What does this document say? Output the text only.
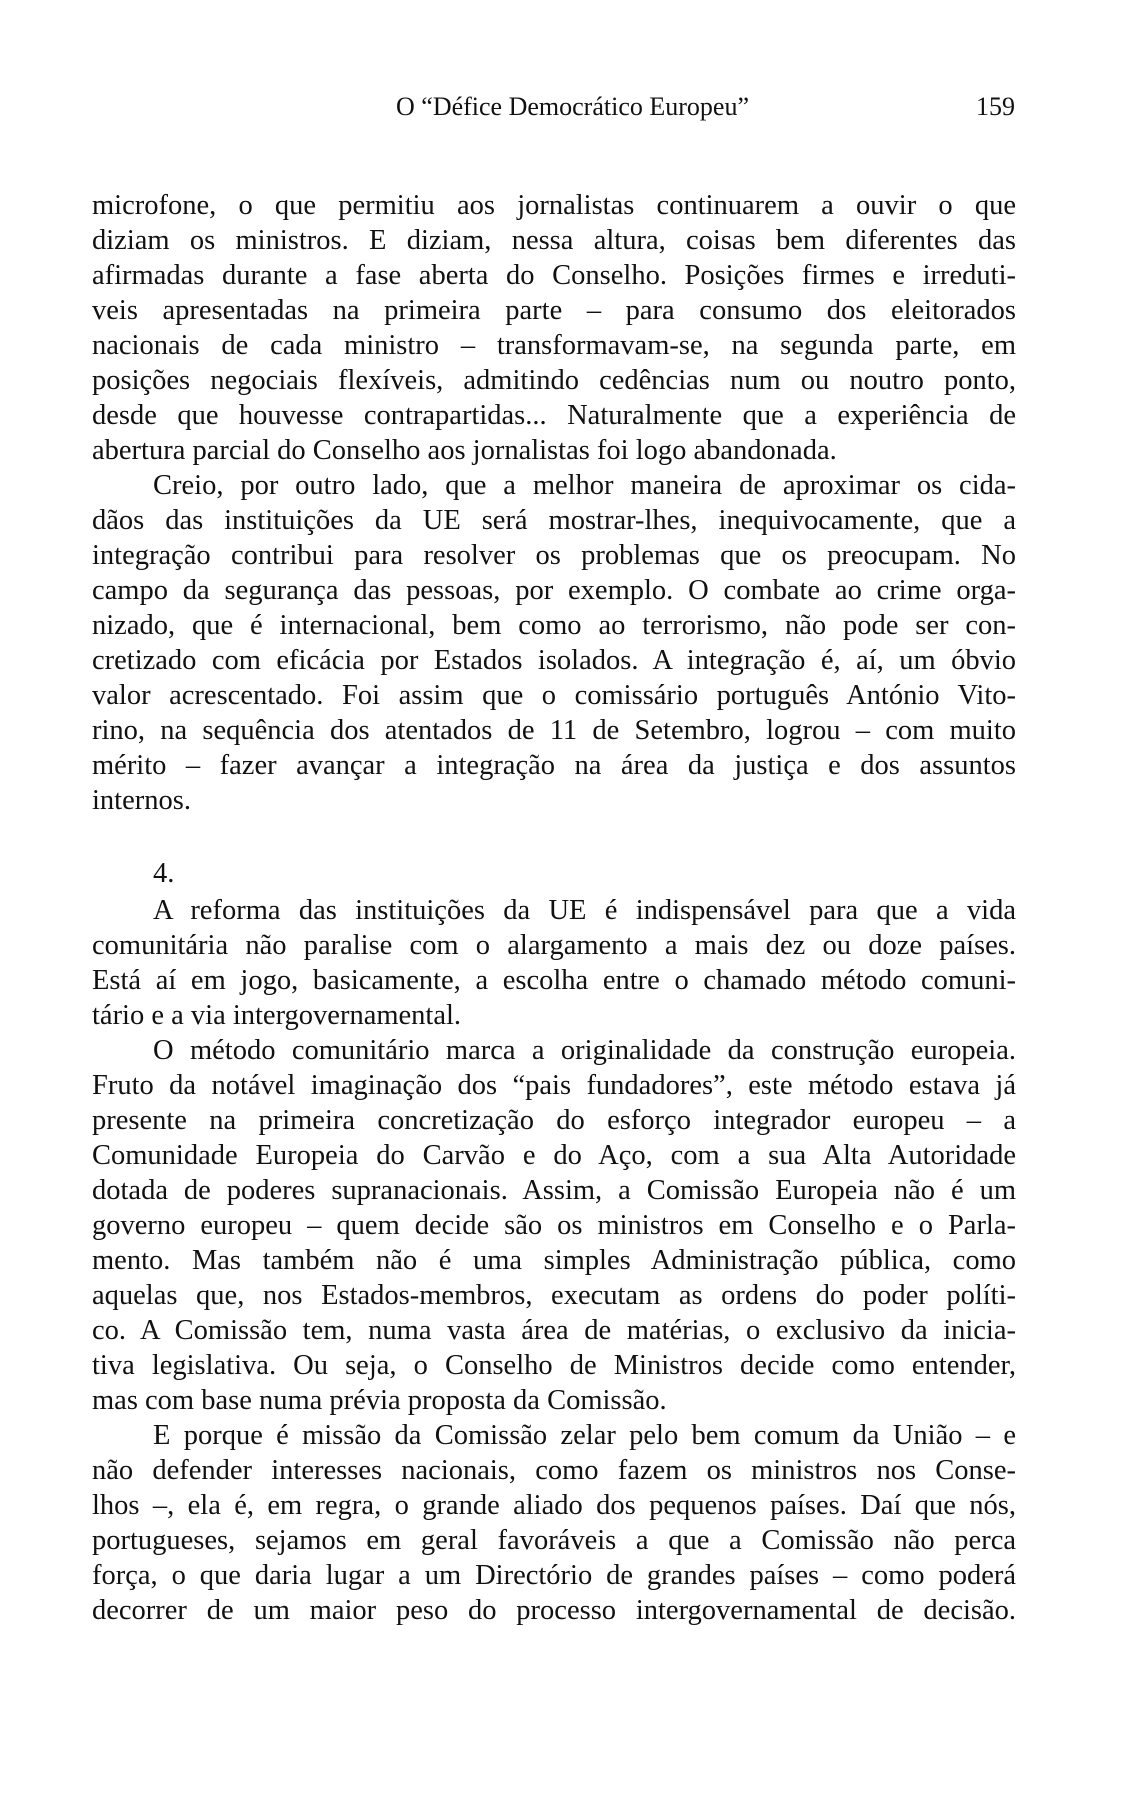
O “Défice Democrático Europeu”	159
microfone, o que permitiu aos jornalistas continuarem a ouvir o que
diziam os ministros. E diziam, nessa altura, coisas bem diferentes das
afirmadas durante a fase aberta do Conselho. Posições firmes e irreduti-
veis apresentadas na primeira parte – para consumo dos eleitorados
nacionais de cada ministro – transformavam-se, na segunda parte, em
posições negociais flexíveis, admitindo cedências num ou noutro ponto,
desde que houvesse contrapartidas... Naturalmente que a experiência de
abertura parcial do Conselho aos jornalistas foi logo abandonada.
Creio, por outro lado, que a melhor maneira de aproximar os cida-
dãos das instituições da UE será mostrar-lhes, inequivocamente, que a
integração contribui para resolver os problemas que os preocupam. No
campo da segurança das pessoas, por exemplo. O combate ao crime orga-
nizado, que é internacional, bem como ao terrorismo, não pode ser con-
cretizado com eficácia por Estados isolados. A integração é, aí, um óbvio
valor acrescentado. Foi assim que o comissário português António Vito-
rino, na sequência dos atentados de 11 de Setembro, logrou – com muito
mérito – fazer avançar a integração na área da justiça e dos assuntos
internos.
4.
A reforma das instituições da UE é indispensável para que a vida
comunitária não paralise com o alargamento a mais dez ou doze países.
Está aí em jogo, basicamente, a escolha entre o chamado método comuni-
tário e a via intergovernamental.
O método comunitário marca a originalidade da construção europeia.
Fruto da notável imaginação dos “pais fundadores”, este método estava já
presente na primeira concretização do esforço integrador europeu – a
Comunidade Europeia do Carvão e do Aço, com a sua Alta Autoridade
dotada de poderes supranacionais. Assim, a Comissão Europeia não é um
governo europeu – quem decide são os ministros em Conselho e o Parla-
mento. Mas também não é uma simples Administração pública, como
aquelas que, nos Estados-membros, executam as ordens do poder políti-
co. A Comissão tem, numa vasta área de matérias, o exclusivo da inicia-
tiva legislativa. Ou seja, o Conselho de Ministros decide como entender,
mas com base numa prévia proposta da Comissão.
E porque é missão da Comissão zelar pelo bem comum da União – e
não defender interesses nacionais, como fazem os ministros nos Conse-
lhos –, ela é, em regra, o grande aliado dos pequenos países. Daí que nós,
portugueses, sejamos em geral favoráveis a que a Comissão não perca
força, o que daria lugar a um Directório de grandes países – como poderá
decorrer de um maior peso do processo intergovernamental de decisão.
